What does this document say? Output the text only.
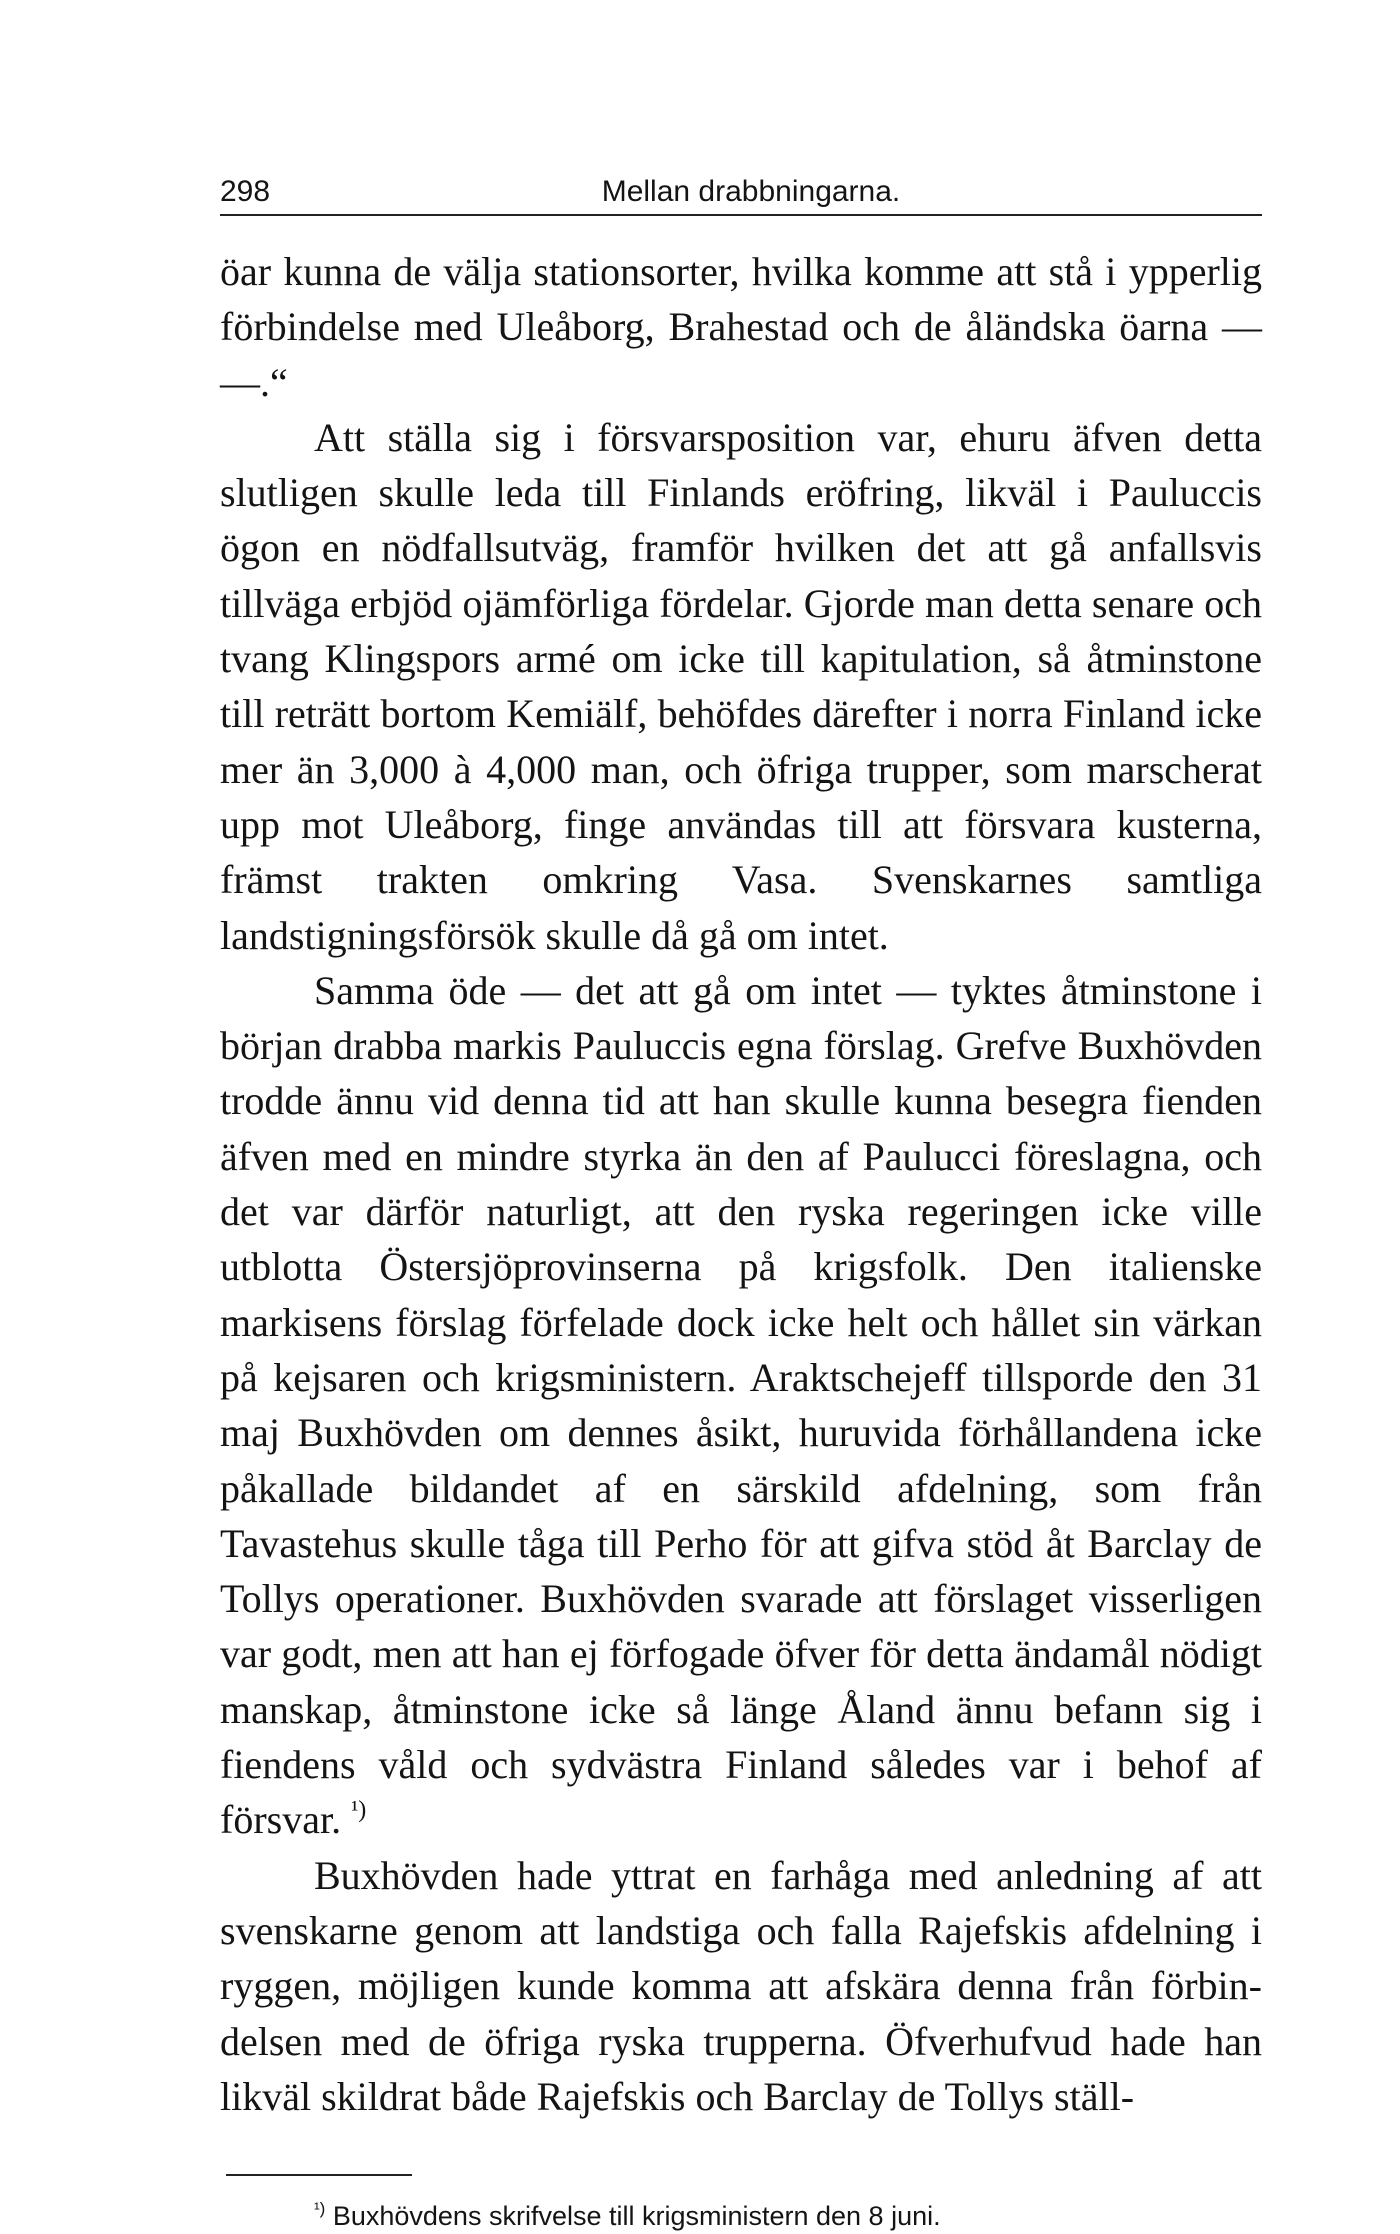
298	Mellan drabbningarna.

öar kunna de välja stationsorter, hvilka komme att stå i ypperlig förbindelse med Uleåborg, Brahestad och de åländska öarna — —.“

Att ställa sig i försvarsposition var, ehuru äfven detta slutligen skulle leda till Finlands eröfring, likväl i Pauluccis ögon en nödfallsutväg, framför hvilken det att gå anfallsvis tillväga erbjöd ojämförliga fördelar. Gjorde man detta senare och tvang Klingspors armé om icke till kapitulation, så åtminstone till reträtt bortom Kemiälf, behöfdes därefter i norra Finland icke mer än 3,000 à 4,000 man, och öfriga trupper, som marscherat upp mot Uleåborg, finge användas till att försvara kusterna, främst trakten omkring Vasa. Svenskarnes samtliga landstigningsförsök skulle då gå om intet.

Samma öde — det att gå om intet — tyktes åtminstone i början drabba markis Pauluccis egna förslag. Grefve Buxhövden trodde ännu vid denna tid att han skulle kunna besegra fienden äfven med en mindre styrka än den af Paulucci föreslagna, och det var därför naturligt, att den ryska regeringen icke ville utblotta Östersjöprovinserna på krigsfolk. Den italienske markisens förslag förfelade dock icke helt och hållet sin värkan på kejsaren och krigsministern. Araktschejeff tillsporde den 31 maj Buxhövden om dennes åsikt, huruvida förhållandena icke påkallade bildandet af en särskild afdelning, som från Tavastehus skulle tåga till Perho för att gifva stöd åt Barclay de Tollys operationer. Buxhövden svarade att förslaget visserligen var godt, men att han ej förfogade öfver för detta ändamål nödigt manskap, åtminstone icke så länge Åland ännu befann sig i fiendens våld och sydvästra Finland således var i behof af försvar. $^{^1)}$

Buxhövden hade yttrat en farhåga med anledning af att svenskarne genom att landstiga och falla Rajefskis afdelning i ryggen, möjligen kunde komma att afskära denna från förbindelsen med de öfriga ryska trupperna. Öfverhufvud hade han likväl skildrat både Rajefskis och Barclay de Tollys ställ-

$^{^1)}$ Buxhövdens skrifvelse till krigsministern den 8 juni.
